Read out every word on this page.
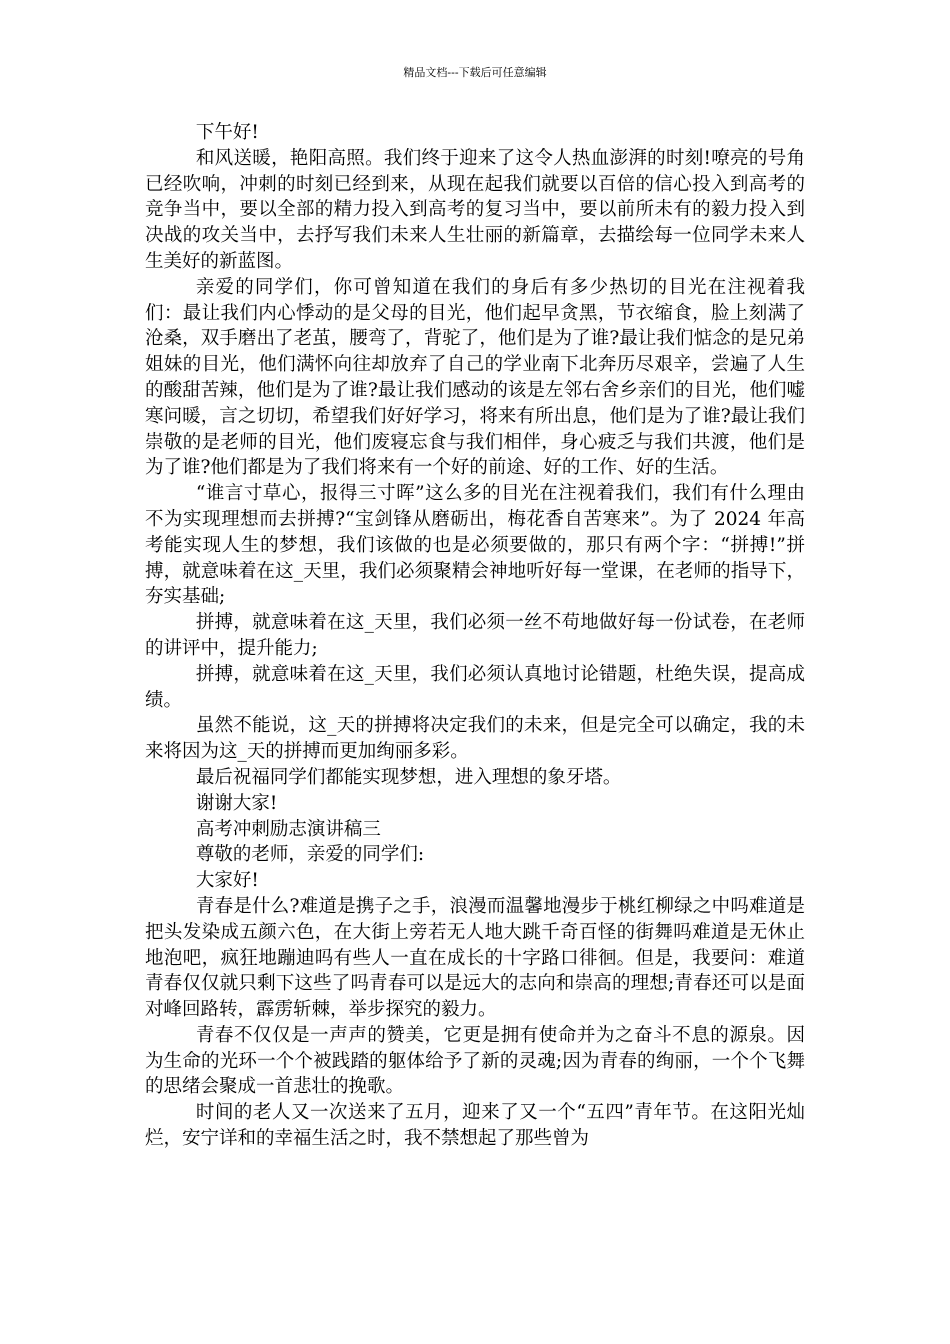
精品文档---下载后可任意编辑

下午好!

和风送暖，艳阳高照。我们终于迎来了这令人热血澎湃的时刻!嘹亮的号角已经吹响，冲刺的时刻已经到来，从现在起我们就要以百倍的信心投入到高考的竞争当中，要以全部的精力投入到高考的复习当中，要以前所未有的毅力投入到决战的攻关当中，去抒写我们未来人生壮丽的新篇章，去描绘每一位同学未来人生美好的新蓝图。

亲爱的同学们，你可曾知道在我们的身后有多少热切的目光在注视着我们：最让我们内心悸动的是父母的目光，他们起早贪黑，节衣缩食，脸上刻满了沧桑，双手磨出了老茧，腰弯了，背驼了，他们是为了谁?最让我们惦念的是兄弟姐妹的目光，他们满怀向往却放弃了自己的学业南下北奔历尽艰辛，尝遍了人生的酸甜苦辣，他们是为了谁?最让我们感动的该是左邻右舍乡亲们的目光，他们嘘寒问暖，言之切切，希望我们好好学习，将来有所出息，他们是为了谁?最让我们崇敬的是老师的目光，他们废寝忘食与我们相伴，身心疲乏与我们共渡，他们是为了谁?他们都是为了我们将来有一个好的前途、好的工作、好的生活。

“谁言寸草心，报得三寸晖”这么多的目光在注视着我们，我们有什么理由不为实现理想而去拼搏?“宝剑锋从磨砺出，梅花香自苦寒来”。为了 2024 年高考能实现人生的梦想，我们该做的也是必须要做的，那只有两个字：“拼搏!”拼搏，就意味着在这_天里，我们必须聚精会神地听好每一堂课，在老师的指导下，夯实基础;

拼搏，就意味着在这_天里，我们必须一丝不苟地做好每一份试卷，在老师的讲评中，提升能力;

拼搏，就意味着在这_天里，我们必须认真地讨论错题，杜绝失误，提高成绩。

虽然不能说，这_天的拼搏将决定我们的未来，但是完全可以确定，我的未来将因为这_天的拼搏而更加绚丽多彩。

最后祝福同学们都能实现梦想，进入理想的象牙塔。

谢谢大家!

高考冲刺励志演讲稿三

尊敬的老师，亲爱的同学们:

大家好!

青春是什么?难道是携子之手，浪漫而温馨地漫步于桃红柳绿之中吗难道是把头发染成五颜六色，在大街上旁若无人地大跳千奇百怪的街舞吗难道是无休止地泡吧，疯狂地蹦迪吗有些人一直在成长的十字路口徘徊。但是，我要问：难道青春仅仅就只剩下这些了吗青春可以是远大的志向和崇高的理想;青春还可以是面对峰回路转，霹雳斩棘，举步探究的毅力。

青春不仅仅是一声声的赞美，它更是拥有使命并为之奋斗不息的源泉。因为生命的光环一个个被践踏的躯体给予了新的灵魂;因为青春的绚丽，一个个飞舞的思绪会聚成一首悲壮的挽歌。

时间的老人又一次送来了五月，迎来了又一个“五四”青年节。在这阳光灿烂，安宁详和的幸福生活之时，我不禁想起了那些曾为
